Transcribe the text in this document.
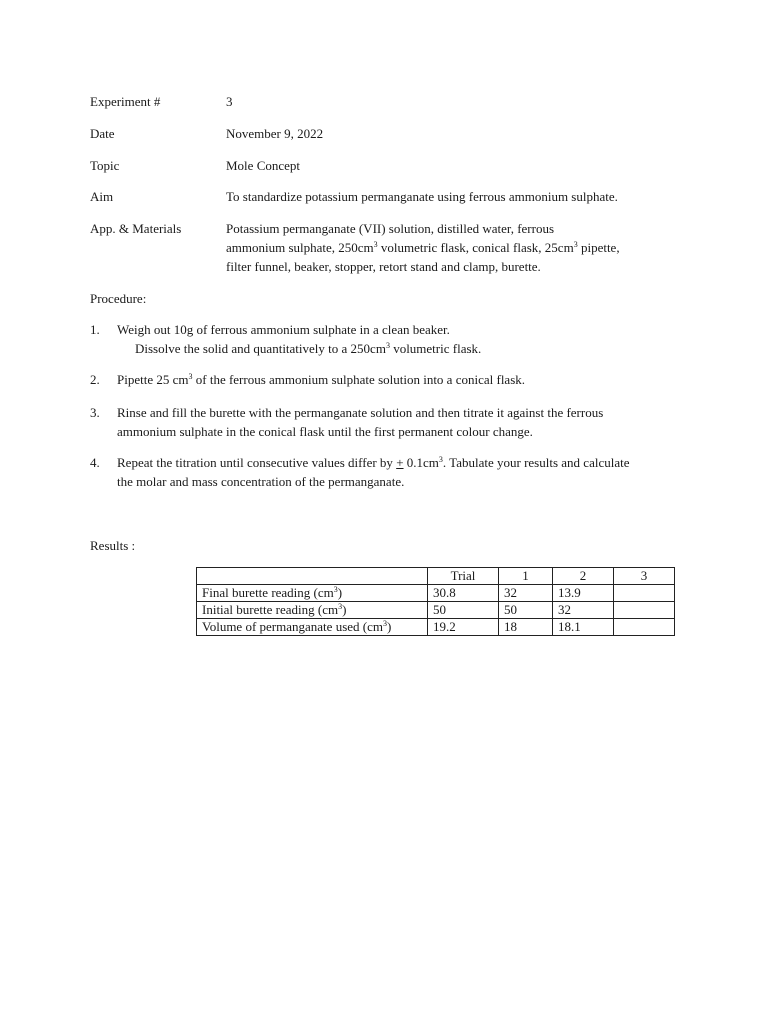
Experiment #	3
Date	November 9, 2022
Topic	Mole Concept
Aim	To standardize potassium permanganate using ferrous ammonium sulphate.
App. & Materials	Potassium permanganate (VII) solution, distilled water, ferrous
ammonium sulphate, $250cm^3$ volumetric flask, conical flask, $25cm^3$ pipette,
filter funnel, beaker, stopper, retort stand and clamp, burette.
Procedure:
1. Weigh out 10g of ferrous ammonium sulphate in a clean beaker.
Dissolve the solid and quantitatively to a $250cm^3$ volumetric flask.
2. Pipette 25 $cm^3$ of the ferrous ammonium sulphate solution into a conical flask.
3. Rinse and fill the burette with the permanganate solution and then titrate it against the ferrous
ammonium sulphate in the conical flask until the first permanent colour change.
4. Repeat the titration until consecutive values differ by + $0.1cm^3$. Tabulate your results and calculate
the molar and mass concentration of the permanganate.
Results :
	Trial	1	2	3
Final burette reading $(cm^3)$	30.8	32	13.9	
Initial burette reading $(cm^3)$	50	50	32	
Volume of permanganate used $(cm^3)$	19.2	18	18.1	
